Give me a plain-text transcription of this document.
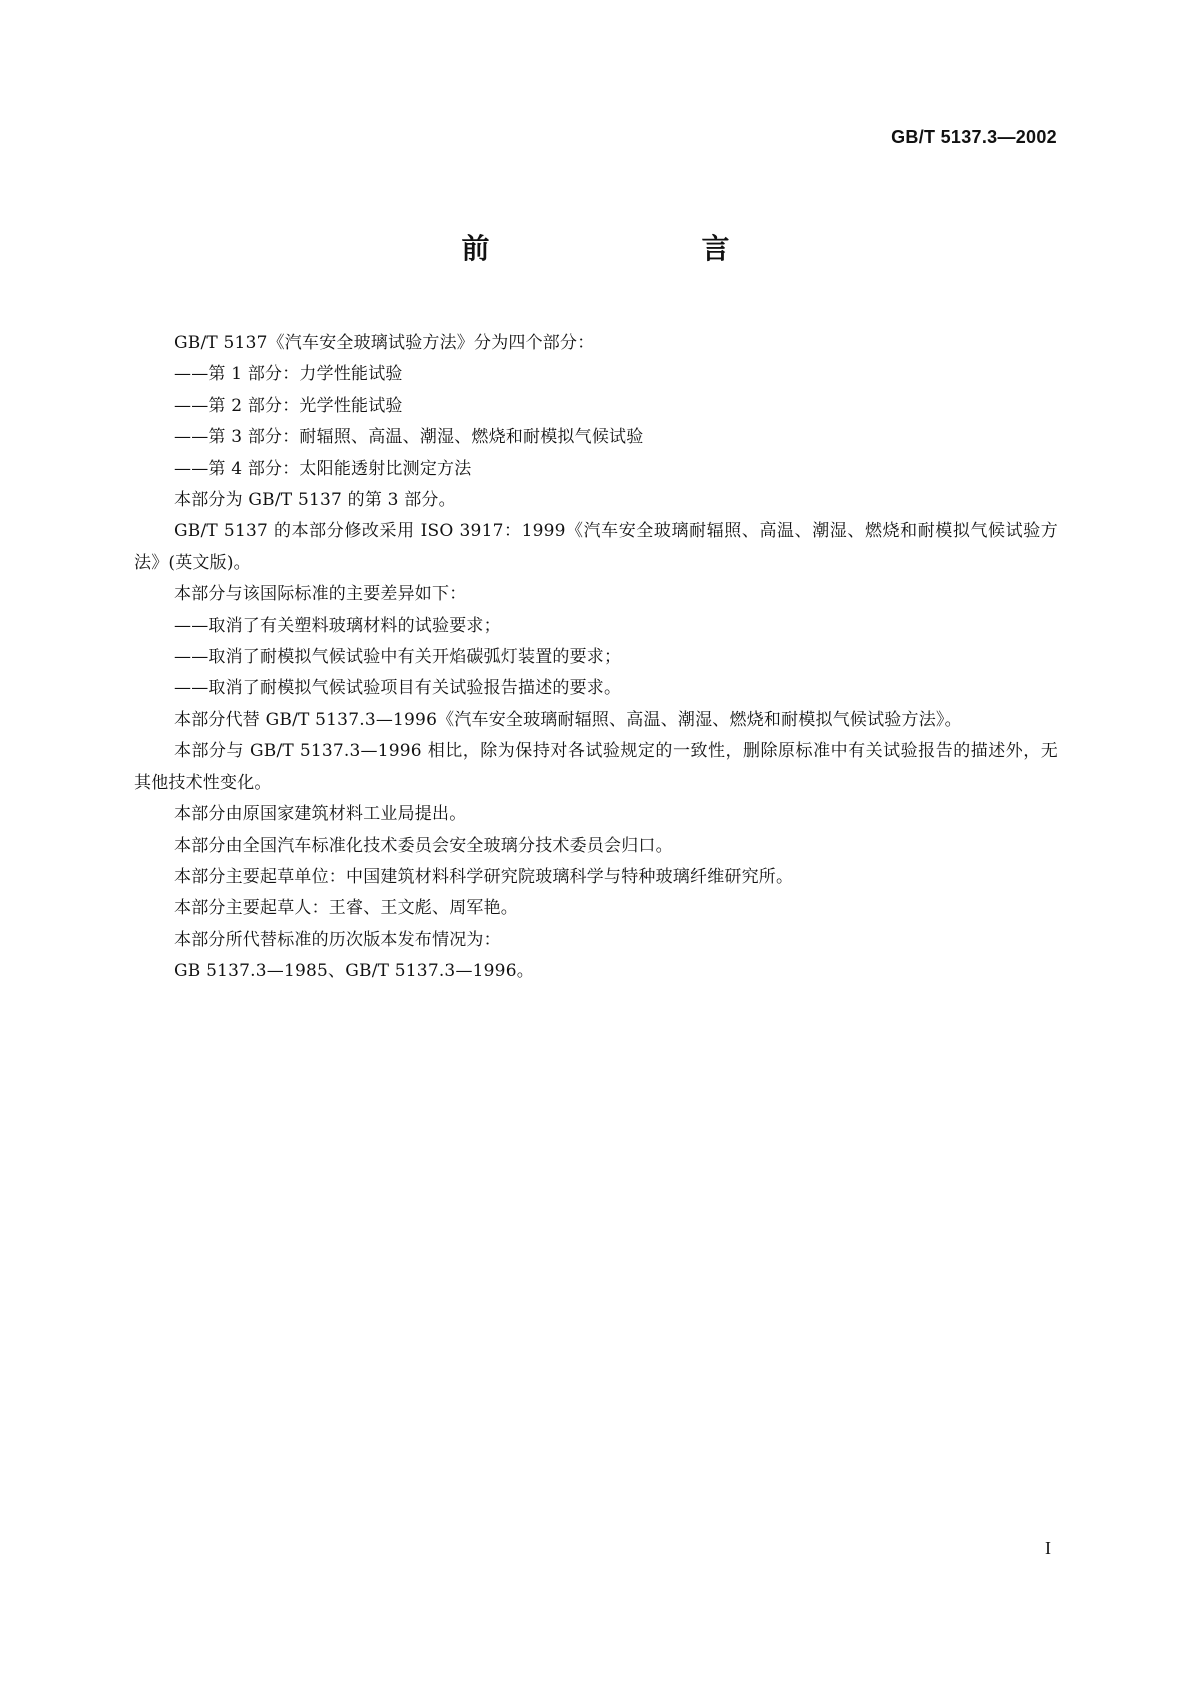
GB/T 5137.3—2002
前　　言

GB/T 5137《汽车安全玻璃试验方法》分为四个部分：

——第 1 部分：力学性能试验

——第 2 部分：光学性能试验

——第 3 部分：耐辐照、高温、潮湿、燃烧和耐模拟气候试验

——第 4 部分：太阳能透射比测定方法

本部分为 GB/T 5137 的第 3 部分。

GB/T 5137 的本部分修改采用 ISO 3917：1999《汽车安全玻璃耐辐照、高温、潮湿、燃烧和耐模拟气候试验方法》(英文版)。

本部分与该国际标准的主要差异如下：

——取消了有关塑料玻璃材料的试验要求；

——取消了耐模拟气候试验中有关开焰碳弧灯装置的要求；

——取消了耐模拟气候试验项目有关试验报告描述的要求。

本部分代替 GB/T 5137.3—1996《汽车安全玻璃耐辐照、高温、潮湿、燃烧和耐模拟气候试验方法》。

本部分与 GB/T 5137.3—1996 相比，除为保持对各试验规定的一致性，删除原标准中有关试验报告的描述外，无其他技术性变化。

本部分由原国家建筑材料工业局提出。

本部分由全国汽车标准化技术委员会安全玻璃分技术委员会归口。

本部分主要起草单位：中国建筑材料科学研究院玻璃科学与特种玻璃纤维研究所。

本部分主要起草人：王睿、王文彪、周军艳。

本部分所代替标准的历次版本发布情况为：

GB 5137.3—1985、GB/T 5137.3—1996。

I
